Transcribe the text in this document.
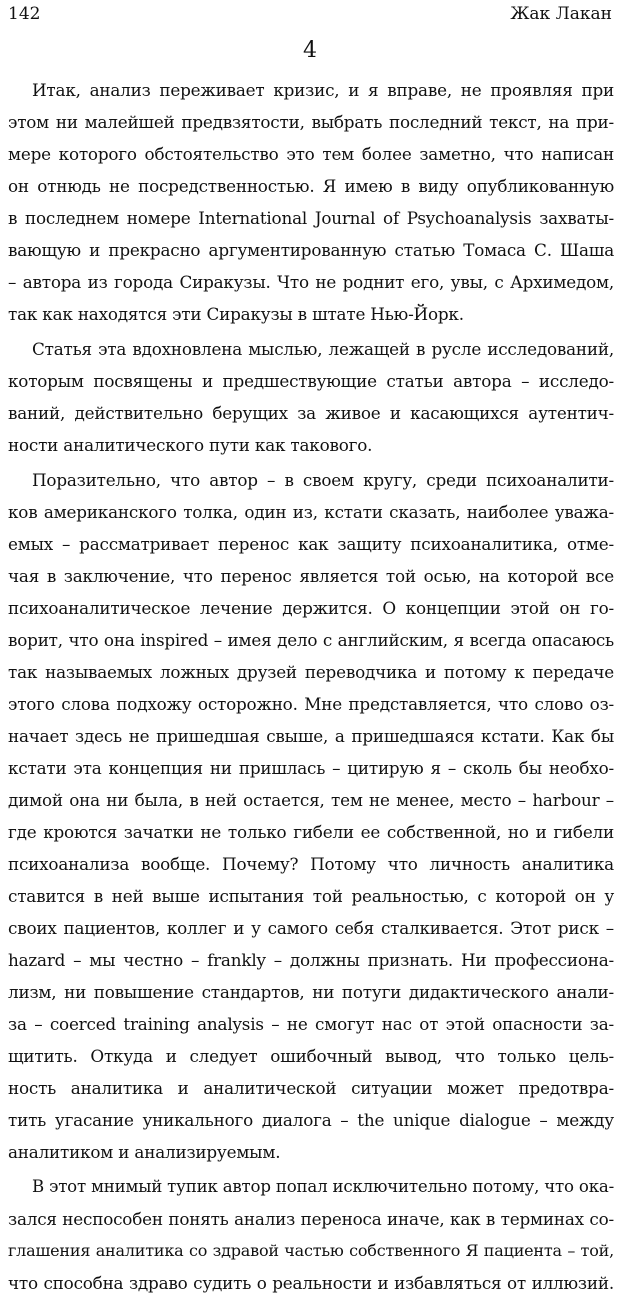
142	Жак Лакан
4
Итак, анализ переживает кризис, и я вправе, не проявляя при
этом ни малейшей предвзятости, выбрать последний текст, на при-
мере которого обстоятельство это тем более заметно, что написан
он отнюдь не посредственностью. Я имею в виду опубликованную
в последнем номере International Journal of Psychoanalysis захваты-
вающую и прекрасно аргументированную статью Томаса С. Шаша
– автора из города Сиракузы. Что не роднит его, увы, с Архимедом,
так как находятся эти Сиракузы в штате Нью-Йорк.
Статья эта вдохновлена мыслью, лежащей в русле исследований,
которым посвящены и предшествующие статьи автора – исследо-
ваний, действительно берущих за живое и касающихся аутентич-
ности аналитического пути как такового.
Поразительно, что автор – в своем кругу, среди психоаналити-
ков американского толка, один из, кстати сказать, наиболее уважа-
емых – рассматривает перенос как защиту психоаналитика, отме-
чая в заключение, что перенос является той осью, на которой все
психоаналитическое лечение держится. О концепции этой он го-
ворит, что она inspired – имея дело с английским, я всегда опасаюсь
так называемых ложных друзей переводчика и потому к передаче
этого слова подхожу осторожно. Мне представляется, что слово оз-
начает здесь не пришедшая свыше, а пришедшаяся кстати. Как бы
кстати эта концепция ни пришлась – цитирую я – сколь бы необхо-
димой она ни была, в ней остается, тем не менее, место – harbour –
где кроются зачатки не только гибели ее собственной, но и гибели
психоанализа вообще. Почему? Потому что личность аналитика
ставится в ней выше испытания той реальностью, с которой он у
своих пациентов, коллег и у самого себя сталкивается. Этот риск –
hazard – мы честно – frankly – должны признать. Ни профессиона-
лизм, ни повышение стандартов, ни потуги дидактического анали-
за – coerced training analysis – не смогут нас от этой опасности за-
щитить. Откуда и следует ошибочный вывод, что только цель-
ность аналитика и аналитической ситуации может предотвра-
тить угасание уникального диалога – the unique dialogue – между
аналитиком и анализируемым.
В этот мнимый тупик автор попал исключительно потому, что ока-
зался неспособен понять анализ переноса иначе, как в терминах со-
глашения аналитика со здравой частью собственного Я пациента – той,
что способна здраво судить о реальности и избавляться от иллюзий.
